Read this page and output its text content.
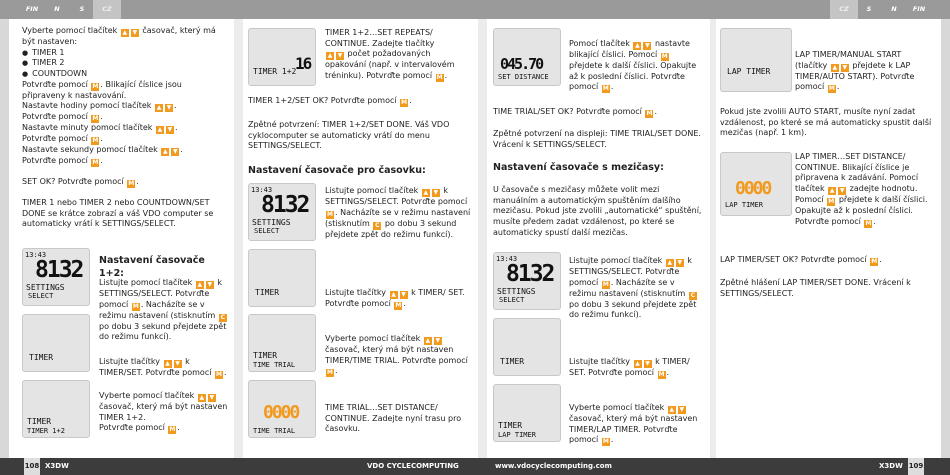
FIN	N	S	CZ	CZ	S	N	FIN
Vyberte pomocí tlačítek ▲ ▼ časovač, který má být nastaven:
● TIMER 1
● TIMER 2
● COUNTDOWN
Potvrďte pomocí M . Blikající číslice jsou připraveny k nastavování.
Nastavte hodiny pomocí tlačítek ▲ ▼ .
Potvrďte pomocí M .
Nastavte minuty pomocí tlačítek ▲ ▼ .
Potvrďte pomocí M .
Nastavte sekundy pomocí tlačítek ▲ ▼ .
Potvrďte pomocí M .
SET OK? Potvrďte pomocí M .
TIMER 1 nebo TIMER 2 nebo COUNTDOWN/SET DONE se krátce zobrazí a váš VDO computer se automaticky vrátí k SETTINGS/SELECT.
13:43
8132
SETTINGS
SELECT
Nastavení časovače 1+2:
Listujte pomocí tlačítek ▲ ▼ k SETTINGS/SELECT. Potvrďte pomocí M . Nacházíte se v režimu nastavení (stisknutím C po dobu 3 sekund přejdete zpět do režimu funkcí).
TIMER	Listujte tlačítky ▲ ▼ k TIMER/SET. Potvrďte pomocí M .
TIMER
TIMER 1+2
Vyberte pomocí tlačítek ▲ ▼ časovač, který má být nastaven TIMER 1+2.
Potvrďte pomocí M .
16
TIMER 1+2
TIMER 1+2…SET REPEATS/ CONTINUE. Zadejte tlačítky
▲ ▼ počet požadovaných opakování (např. v intervalovém tréninku). Potvrďte pomocí M .
TIMER 1+2/SET OK? Potvrďte pomocí M .
Zpětné potvrzení: TIMER 1+2/SET DONE. Váš VDO cyklocomputer se automaticky vrátí do menu SETTINGS/SELECT.
Nastavení časovače pro časovku:
13:43
8132
SETTINGS
SELECT
Listujte pomocí tlačítek ▲ ▼ k SETTINGS/SELECT. Potvrďte pomocí M . Nacházíte se v režimu nastavení (stisknutím C po dobu 3 sekund přejdete zpět do režimu funkcí).
TIMER	Listujte tlačítky ▲ ▼ k TIMER/ SET. Potvrďte pomocí M .
TIMER
TIME TRIAL
Vyberte pomocí tlačítek ▲ ▼ časovač, který má být nastaven TIMER/TIME TRIAL. Potvrďte pomocí M .
0000
TIME TRIAL
TIME TRIAL…SET DISTANCE/ CONTINUE. Zadejte nyní trasu pro časovku.
045.70
SET DISTANCE
Pomocí tlačítek ▲ ▼ nastavte blikající číslici. Pomocí M přejdete k další číslici. Opakujte až k poslední číslici. Potvrďte pomocí M .
TIME TRIAL/SET OK? Potvrďte pomocí M .
Zpětné potvrzení na displeji: TIME TRIAL/SET DONE. Vrácení k SETTINGS/SELECT.
Nastavení časovače s mezičasy:
U časovače s mezičasy můžete volit mezi manuálním a automatickým spuštěním dalšího mezičasu. Pokud jste zvolili „automatické“ spuštění, musíte předem zadat vzdálenost, po které se automaticky spustí další mezičas.
13:43
8132
SETTINGS
SELECT
Listujte pomocí tlačítek ▲ ▼ k SETTINGS/SELECT. Potvrďte pomocí M . Nacházíte se v režimu nastavení (stisknutím C po dobu 3 sekund přejdete zpět do režimu funkcí).
TIMER	Listujte tlačítky ▲ ▼ k TIMER/ SET. Potvrďte pomocí M .
TIMER
LAP TIMER
Vyberte pomocí tlačítek ▲ ▼ časovač, který má být nastaven TIMER/LAP TIMER. Potvrďte pomocí M .
LAP TIMER
LAP TIMER/MANUAL START (tlačítky ▲ ▼ přejdete k LAP TIMER/AUTO START). Potvrďte pomocí M .
Pokud jste zvolili AUTO START, musíte nyní zadat vzdálenost, po které se má automaticky spustit další mezičas (např. 1 km).
0000
LAP TIMER
LAP TIMER…SET DISTANCE/ CONTINUE. Blikající číslice je připravena k zadávání. Pomocí tlačítek ▲ ▼ zadejte hodnotu. Pomocí M přejdete k další číslici. Opakujte až k poslední číslici. Potvrďte pomocí M .
LAP TIMER/SET OK? Potvrďte pomocí M .
Zpětné hlášení LAP TIMER/SET DONE. Vrácení k SETTINGS/SELECT.
108 X3DW	VDO CYCLECOMPUTING	www.vdocyclecomputing.com	X3DW 109
